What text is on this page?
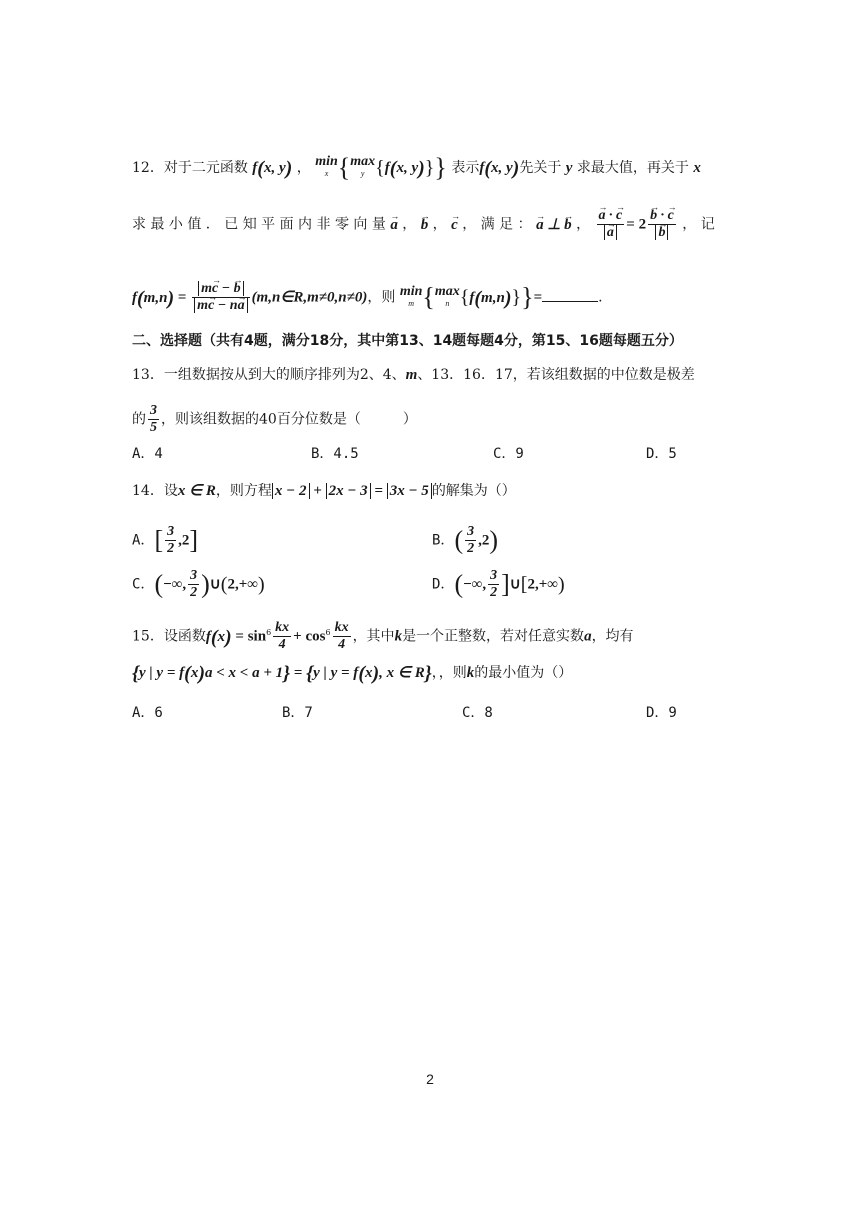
12．对于二元函数 f(x, y) ， min
x {max
y {f(x, y)}} 表示f(x, y)先关于 y 求最大值，再关于 x
求 最 小 值 ． 已 知 平 面 内 非 零 向 量 → a ， → b ， → c ， 满 足 ： → a ⊥ → b ， → a · → c
→ a = 2 → b · → c
→ b ， 记
$f(m,n) = \frac{m\to c - \to b}{m\to c - n\to a}$ (m,n∈R,m≠0,n≠0)，则 min
m {max
n {f(m,n)}}=	.
二、选择题（共有4题，满分18分，其中第13、14题每题4分，第15、16题每题五分）
13．一组数据按从到大的顺序排列为2、4、m、13．16．17，若该组数据的中位数是极差
的 $\frac{3}{5}$ ，则该组数据的40百分位数是（　　　）
A．4	B．4.5	C．9	D．5
14．设x ∈ R，则方程 x − 2 + 2x − 3 = 3x − 5 的解集为（）
A．[ $\frac{3}{2} ,2$]	B．( $\frac{3}{2} ,2$)
C．(−∞, $\frac{3}{2}$ )∪(2,+∞)	D．(−∞, $\frac{3}{2}$ ]∪[2,+∞)
15．设函数$f(x) = \sin^6 \frac{kx}{4} + \cos^6 \frac{kx}{4}$ ，其中k是一个正整数，若对任意实数a，均有
{y | y = f(x)a < x < a + 1} = {y | y = f(x), x ∈ R}，，则k的最小值为（）
A．6	B．7	C．8	D．9
2
